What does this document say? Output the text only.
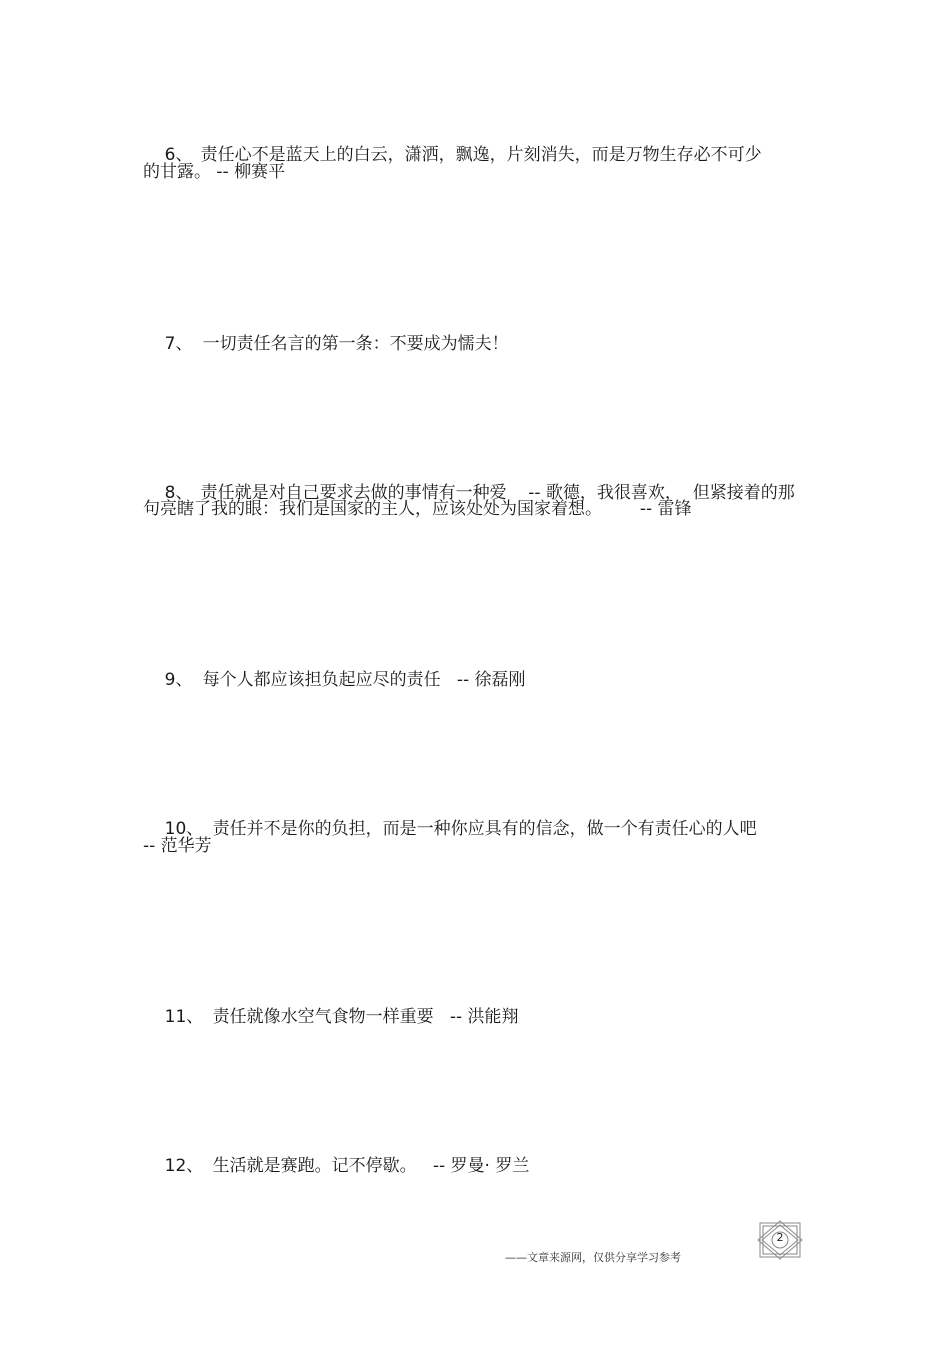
6、 责任心不是蓝天上的白云，潇洒，飘逸，片刻消失，而是万物生存必不可少

的甘露。 -- 柳赛平

7、 一切责任名言的第一条：不要成为懦夫！

8、 责任就是对自己要求去做的事情有一种爱    -- 歌德，我很喜欢，  但紧接着的那

句亮瞎了我的眼：我们是国家的主人，应该处处为国家着想。       -- 雷锋

9、 每个人都应该担负起应尽的责任   -- 徐磊刚

10、 责任并不是你的负担，而是一种你应具有的信念，做一个有责任心的人吧

-- 范华芳

11、 责任就像水空气食物一样重要   -- 洪能翔

12、 生活就是赛跑。记不停歇。   -- 罗曼· 罗兰

——文章来源网，仅供分享学习参考
2
